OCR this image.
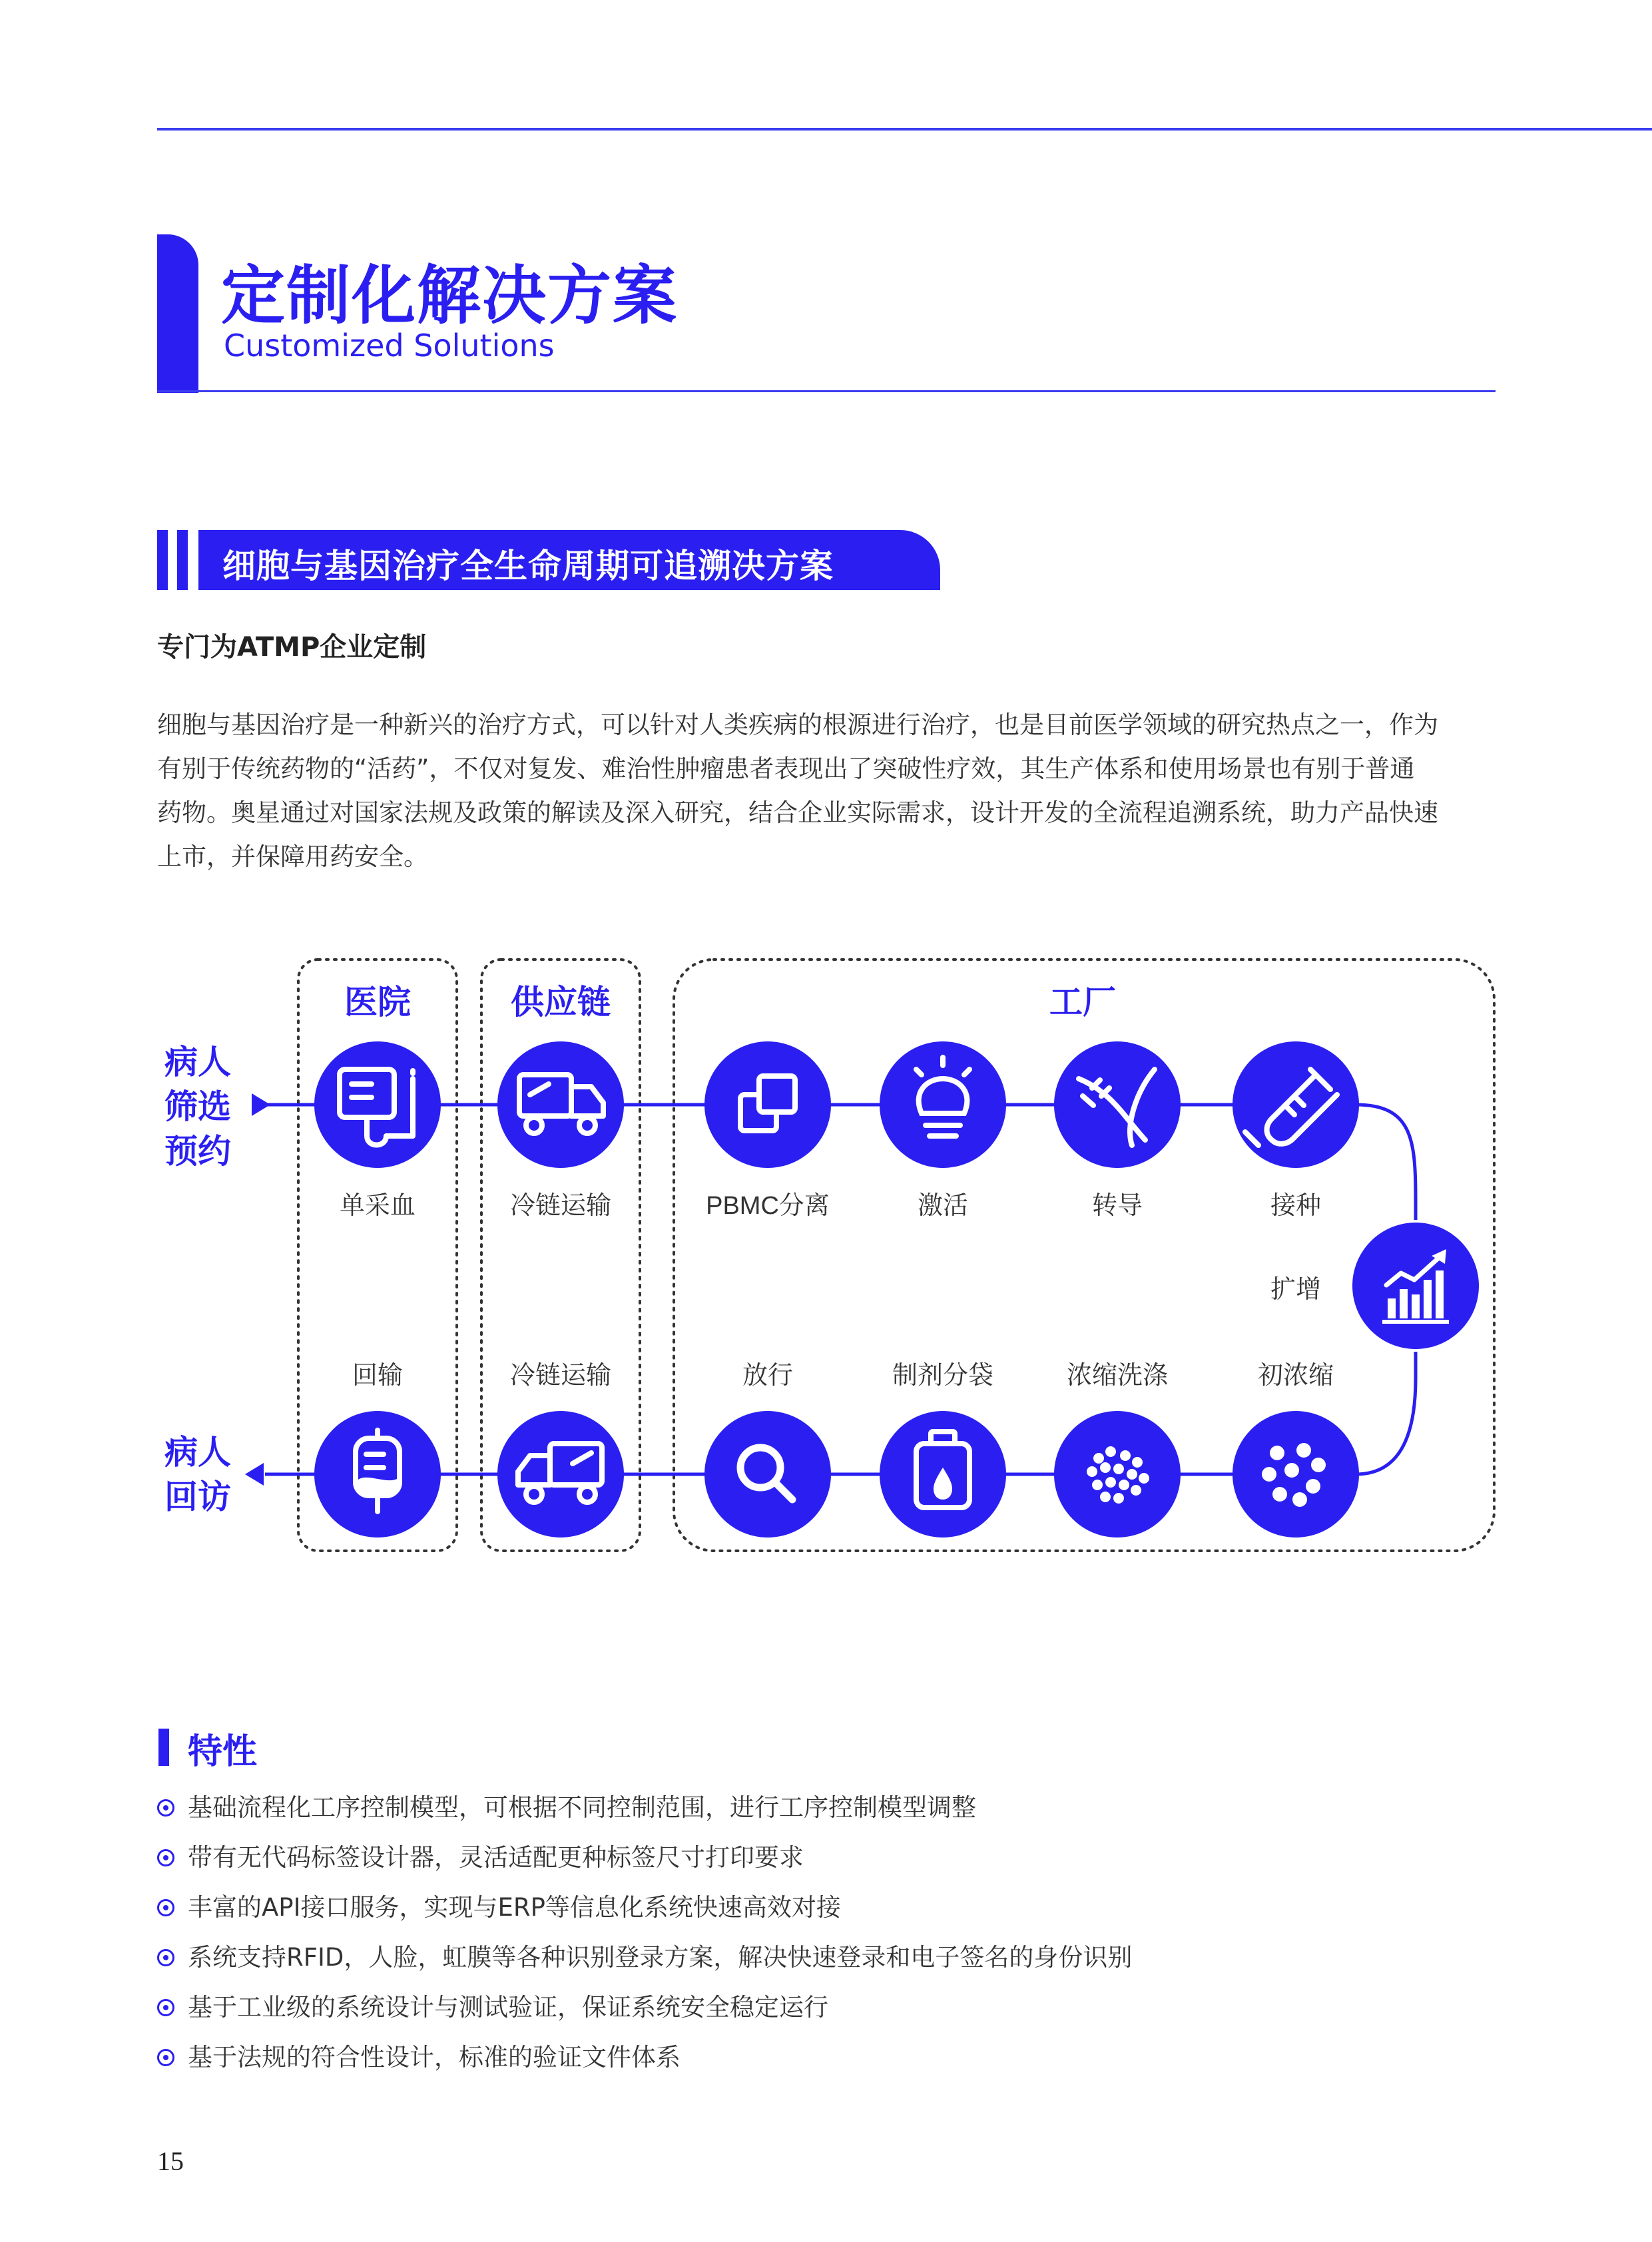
定制化解决方案
Customized Solutions
细胞与基因治疗全生命周期可追溯决方案
专门为ATMP企业定制

细胞与基因治疗是一种新兴的治疗方式，可以针对人类疾病的根源进行治疗，也是目前医学领域的研究热点之一，作为

有别于传统药物的“活药”，不仅对复发、难治性肿瘤患者表现出了突破性疗效，其生产体系和使用场景也有别于普通

药物。奥星通过对国家法规及政策的解读及深入研究，结合企业实际需求，设计开发的全流程追溯系统，助力产品快速

上市，并保障用药安全。

医院	供应链	工厂
病人
筛选
预约
病人
回访
单采血	冷链运输	PBMC分离	激活	转导	接种
扩增
回输	冷链运输	放行	制剂分袋	浓缩洗涤	初浓缩
特性
基础流程化工序控制模型，可根据不同控制范围，进行工序控制模型调整
带有无代码标签设计器，灵活适配更种标签尺寸打印要求
丰富的API接口服务，实现与ERP等信息化系统快速高效对接
系统支持RFID，人脸，虹膜等各种识别登录方案，解决快速登录和电子签名的身份识别
基于工业级的系统设计与测试验证，保证系统安全稳定运行
基于法规的符合性设计，标准的验证文件体系
15
